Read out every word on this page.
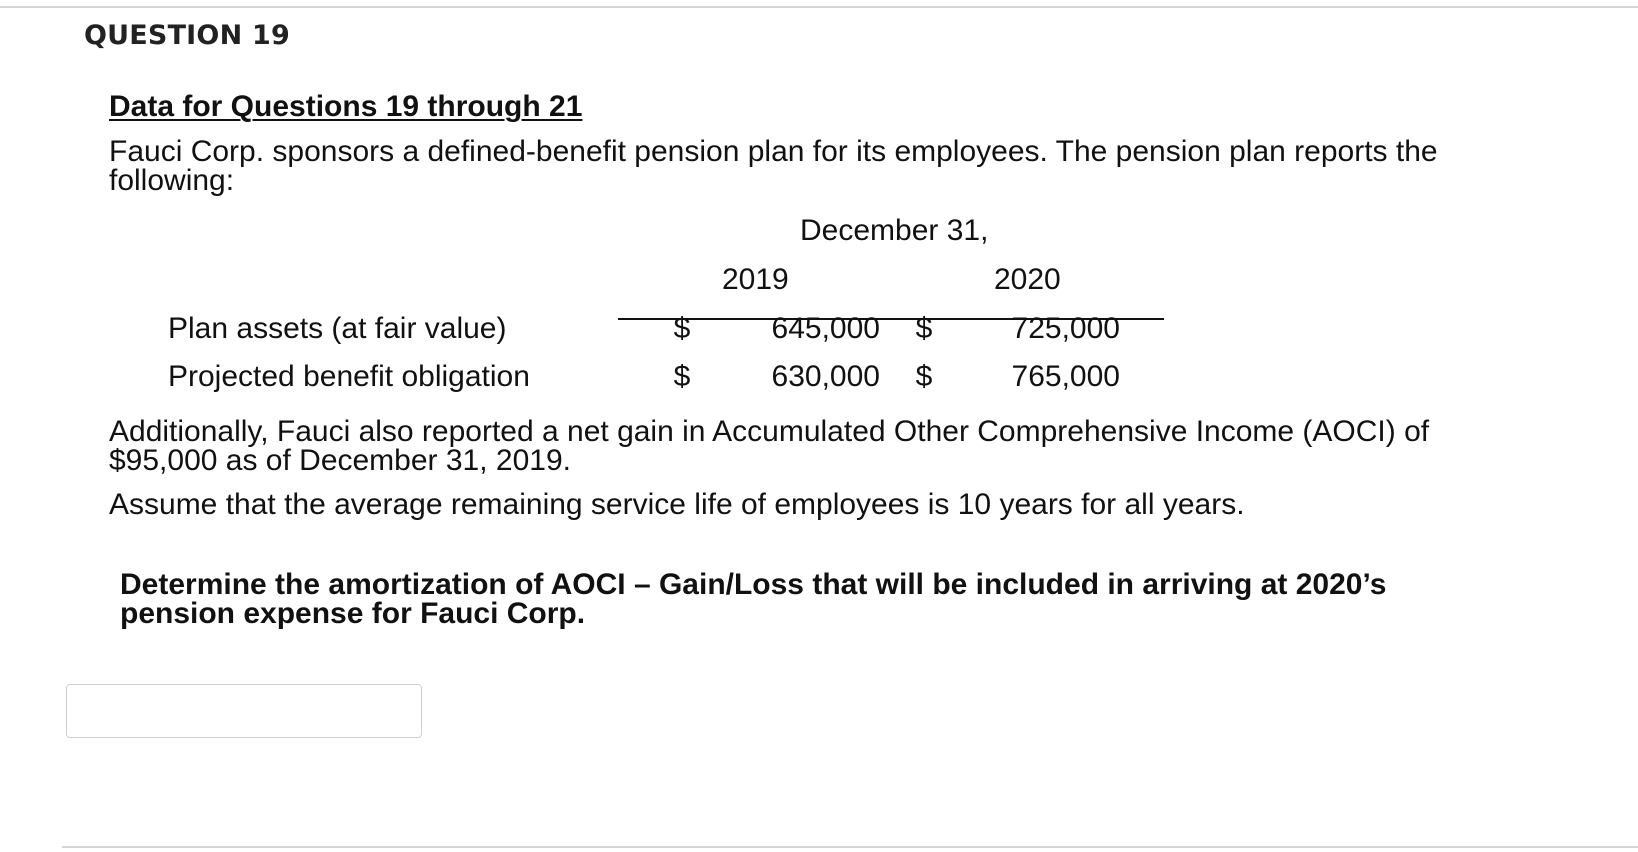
QUESTION 19
Data for Questions 19 through 21
Fauci Corp. sponsors a defined-benefit pension plan for its employees. The pension plan reports the
following:
December 31,
2019	2020
Plan assets (at fair value)	$	645,000 $	725,000
Projected benefit obligation	$	630,000 $	765,000
Additionally, Fauci also reported a net gain in Accumulated Other Comprehensive Income (AOCI) of
$95,000 as of December 31, 2019.
Assume that the average remaining service life of employees is 10 years for all years.
Determine the amortization of AOCI – Gain/Loss that will be included in arriving at 2020’s
pension expense for Fauci Corp.
